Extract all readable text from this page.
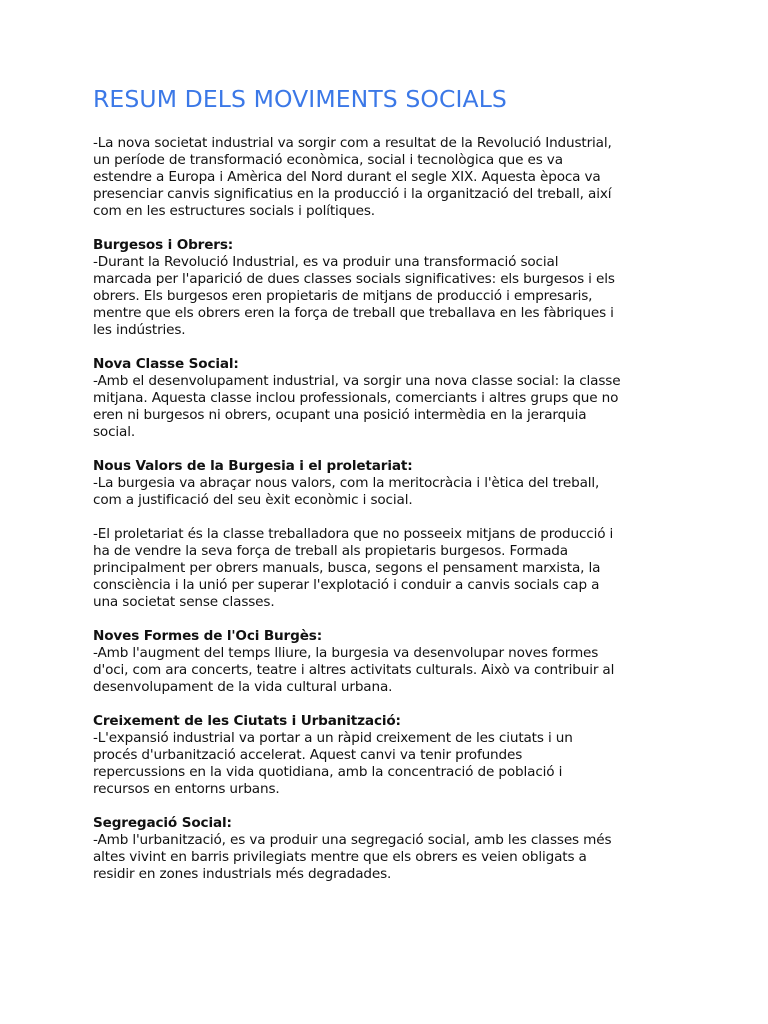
RESUM DELS MOVIMENTS SOCIALS

-La nova societat industrial va sorgir com a resultat de la Revolució Industrial,
un període de transformació econòmica, social i tecnològica que es va
estendre a Europa i Amèrica del Nord durant el segle XIX. Aquesta època va
presenciar canvis significatius en la producció i la organització del treball, així
com en les estructures socials i polítiques.

Burgesos i Obrers:

-Durant la Revolució Industrial, es va produir una transformació social
marcada per l'aparició de dues classes socials significatives: els burgesos i els
obrers. Els burgesos eren propietaris de mitjans de producció i empresaris,
mentre que els obrers eren la força de treball que treballava en les fàbriques i
les indústries.

Nova Classe Social:

-Amb el desenvolupament industrial, va sorgir una nova classe social: la classe
mitjana. Aquesta classe inclou professionals, comerciants i altres grups que no
eren ni burgesos ni obrers, ocupant una posició intermèdia en la jerarquia
social.

Nous Valors de la Burgesia i el proletariat:

-La burgesia va abraçar nous valors, com la meritocràcia i l'ètica del treball,
com a justificació del seu èxit econòmic i social.

-El proletariat és la classe treballadora que no posseeix mitjans de producció i
ha de vendre la seva força de treball als propietaris burgesos. Formada
principalment per obrers manuals, busca, segons el pensament marxista, la
consciència i la unió per superar l'explotació i conduir a canvis socials cap a
una societat sense classes.

Noves Formes de l'Oci Burgès:

-Amb l'augment del temps lliure, la burgesia va desenvolupar noves formes
d'oci, com ara concerts, teatre i altres activitats culturals. Això va contribuir al
desenvolupament de la vida cultural urbana.

Creixement de les Ciutats i Urbanització:

-L'expansió industrial va portar a un ràpid creixement de les ciutats i un
procés d'urbanització accelerat. Aquest canvi va tenir profundes
repercussions en la vida quotidiana, amb la concentració de població i
recursos en entorns urbans.

Segregació Social:

-Amb l'urbanització, es va produir una segregació social, amb les classes més
altes vivint en barris privilegiats mentre que els obrers es veien obligats a
residir en zones industrials més degradades.
